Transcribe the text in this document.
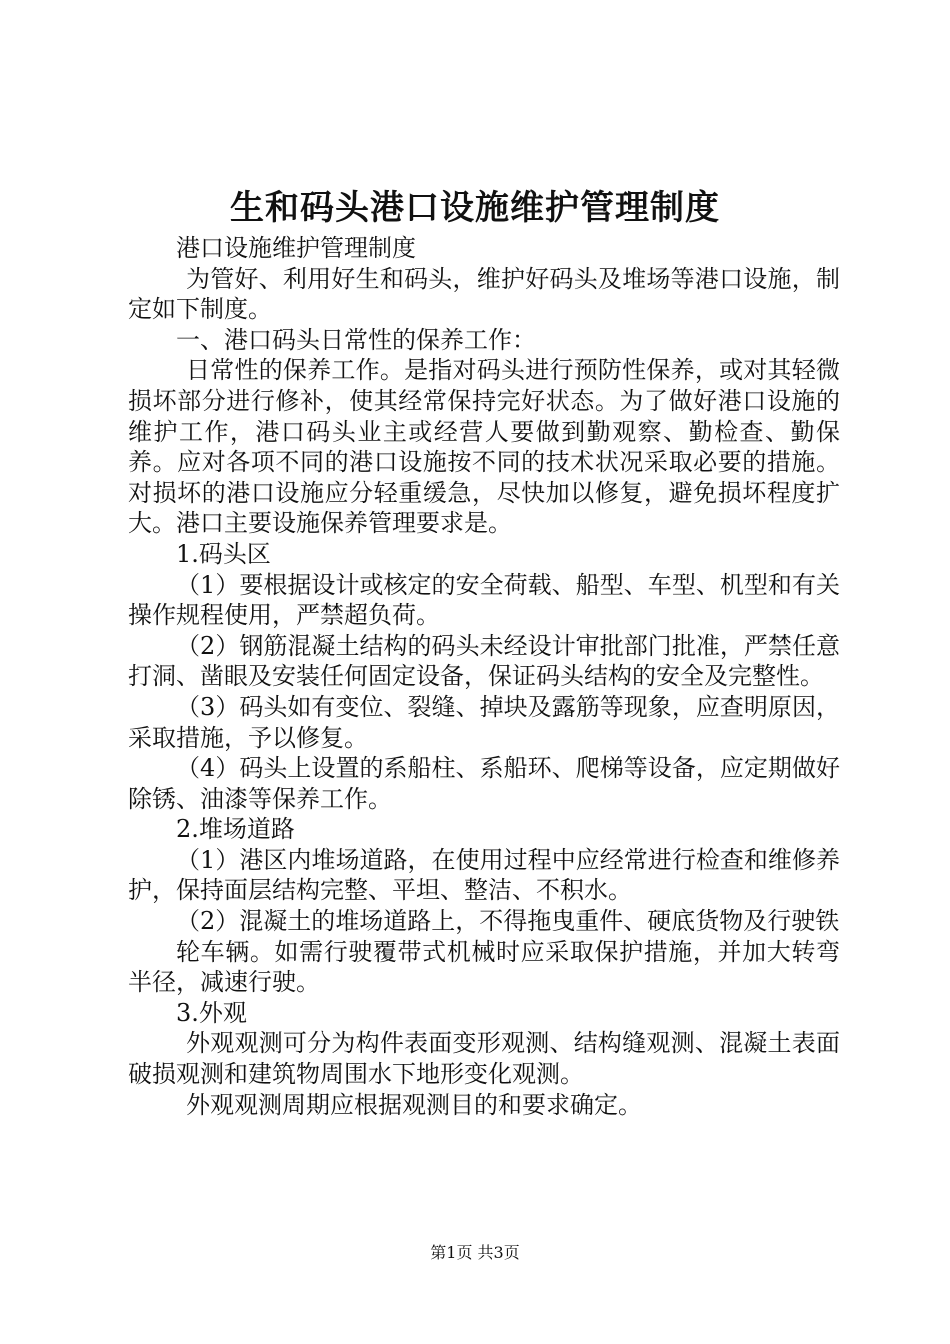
生和码头港口设施维护管理制度

港口设施维护管理制度

为管好、利用好生和码头，维护好码头及堆场等港口设施，制定如下制度。

一、港口码头日常性的保养工作：

日常性的保养工作。是指对码头进行预防性保养，或对其轻微损坏部分进行修补，使其经常保持完好状态。为了做好港口设施的维护工作，港口码头业主或经营人要做到勤观察、勤检查、勤保养。应对各项不同的港口设施按不同的技术状况采取必要的措施。对损坏的港口设施应分轻重缓急，尽快加以修复，避免损坏程度扩大。港口主要设施保养管理要求是。

1.码头区

（1）要根据设计或核定的安全荷载、船型、车型、机型和有关操作规程使用，严禁超负荷。

（2）钢筋混凝土结构的码头未经设计审批部门批准，严禁任意打洞、凿眼及安装任何固定设备，保证码头结构的安全及完整性。

（3）码头如有变位、裂缝、掉块及露筋等现象，应查明原因，采取措施，予以修复。

（4）码头上设置的系船柱、系船环、爬梯等设备，应定期做好除锈、油漆等保养工作。

2.堆场道路

（1）港区内堆场道路，在使用过程中应经常进行检查和维修养护，保持面层结构完整、平坦、整洁、不积水。

（2）混凝土的堆场道路上，不得拖曳重件、硬底货物及行驶铁

轮车辆。如需行驶覆带式机械时应采取保护措施，并加大转弯半径，减速行驶。

3.外观

外观观测可分为构件表面变形观测、结构缝观测、混凝土表面破损观测和建筑物周围水下地形变化观测。

外观观测周期应根据观测目的和要求确定。

第1页 共3页
